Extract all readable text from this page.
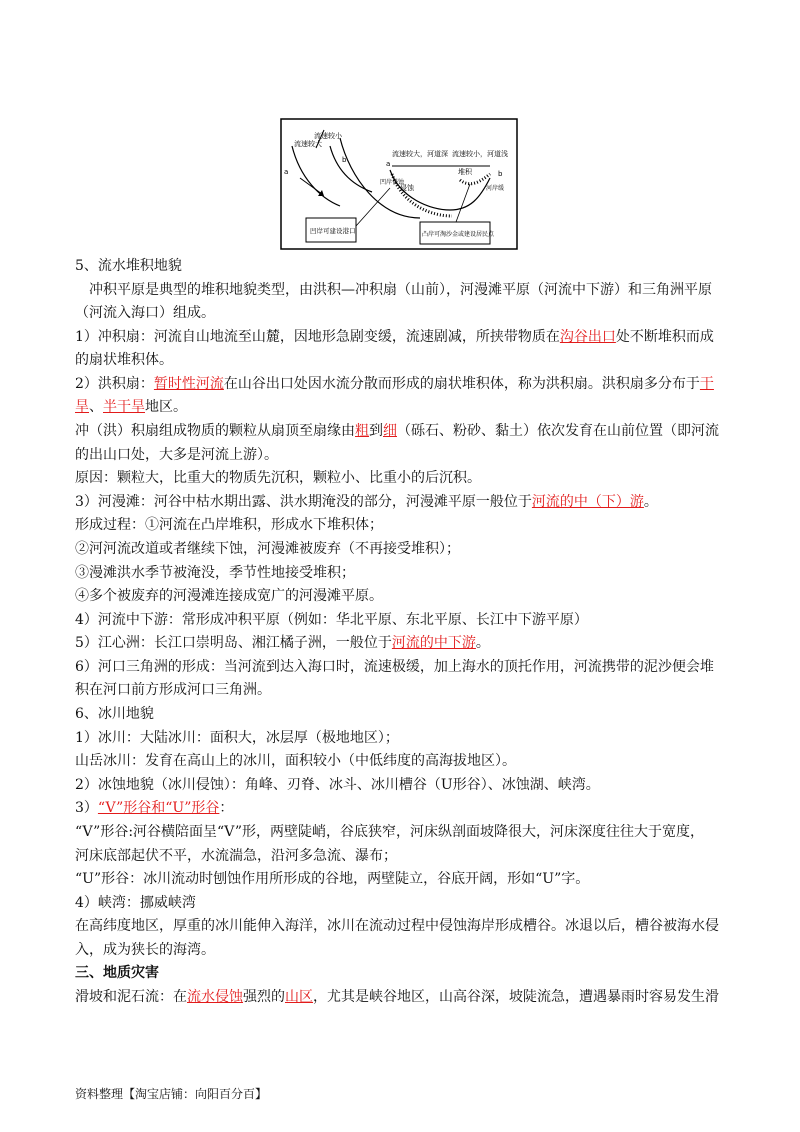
流速较大
流速较小
a
b
流速较大，河道深 流速较小，河道浅
a
b
侵蚀
堆积
凹岸侵蚀
河岸缓
凹岸可建设港口	凸岸可淘沙金或建设居民点
5、流水堆积地貌
　冲积平原是典型的堆积地貌类型，由洪积—冲积扇（山前），河漫滩平原（河流中下游）和三角洲平原
（河流入海口）组成。
1）冲积扇：河流自山地流至山麓，因地形急剧变缓，流速剧减，所挟带物质在沟谷出口处不断堆积而成
的扇状堆积体。
2）洪积扇：暂时性河流在山谷出口处因水流分散而形成的扇状堆积体，称为洪积扇。洪积扇多分布于干
旱、半干旱地区。
冲（洪）积扇组成物质的颗粒从扇顶至扇缘由粗到细（砾石、粉砂、黏土）依次发育在山前位置（即河流
的出山口处，大多是河流上游）。
原因：颗粒大，比重大的物质先沉积，颗粒小、比重小的后沉积。
3）河漫滩：河谷中枯水期出露、洪水期淹没的部分，河漫滩平原一般位于河流的中（下）游。
形成过程：①河流在凸岸堆积，形成水下堆积体；
②河河流改道或者继续下蚀，河漫滩被废弃（不再接受堆积）；
③漫滩洪水季节被淹没，季节性地接受堆积；
④多个被废弃的河漫滩连接成宽广的河漫滩平原。
4）河流中下游：常形成冲积平原（例如：华北平原、东北平原、长江中下游平原）
5）江心洲：长江口崇明岛、湘江橘子洲，一般位于河流的中下游。
6）河口三角洲的形成：当河流到达入海口时，流速极缓，加上海水的顶托作用，河流携带的泥沙便会堆
积在河口前方形成河口三角洲。
6、冰川地貌
1）冰川：大陆冰川：面积大，冰层厚（极地地区）；
山岳冰川：发育在高山上的冰川，面积较小（中低纬度的高海拔地区）。
2）冰蚀地貌（冰川侵蚀）：角峰、刃脊、冰斗、冰川槽谷（U形谷）、冰蚀湖、峡湾。
3）“V”形谷和“U”形谷：
“V”形谷:河谷横陪面呈“V”形，两壁陡峭，谷底狭窄，河床纵剖面坡降很大，河床深度往往大于宽度，
河床底部起伏不平，水流湍急，沿河多急流、瀑布；
“U”形谷：冰川流动时刨蚀作用所形成的谷地，两壁陡立，谷底开阔，形如“U”字。
4）峡湾：挪威峡湾
在高纬度地区，厚重的冰川能伸入海洋，冰川在流动过程中侵蚀海岸形成槽谷。冰退以后，槽谷被海水侵
入，成为狭长的海湾。
三、地质灾害
滑坡和泥石流：在流水侵蚀强烈的山区，尤其是峡谷地区，山高谷深，坡陡流急，遭遇暴雨时容易发生滑
资料整理【淘宝店铺：向阳百分百】
